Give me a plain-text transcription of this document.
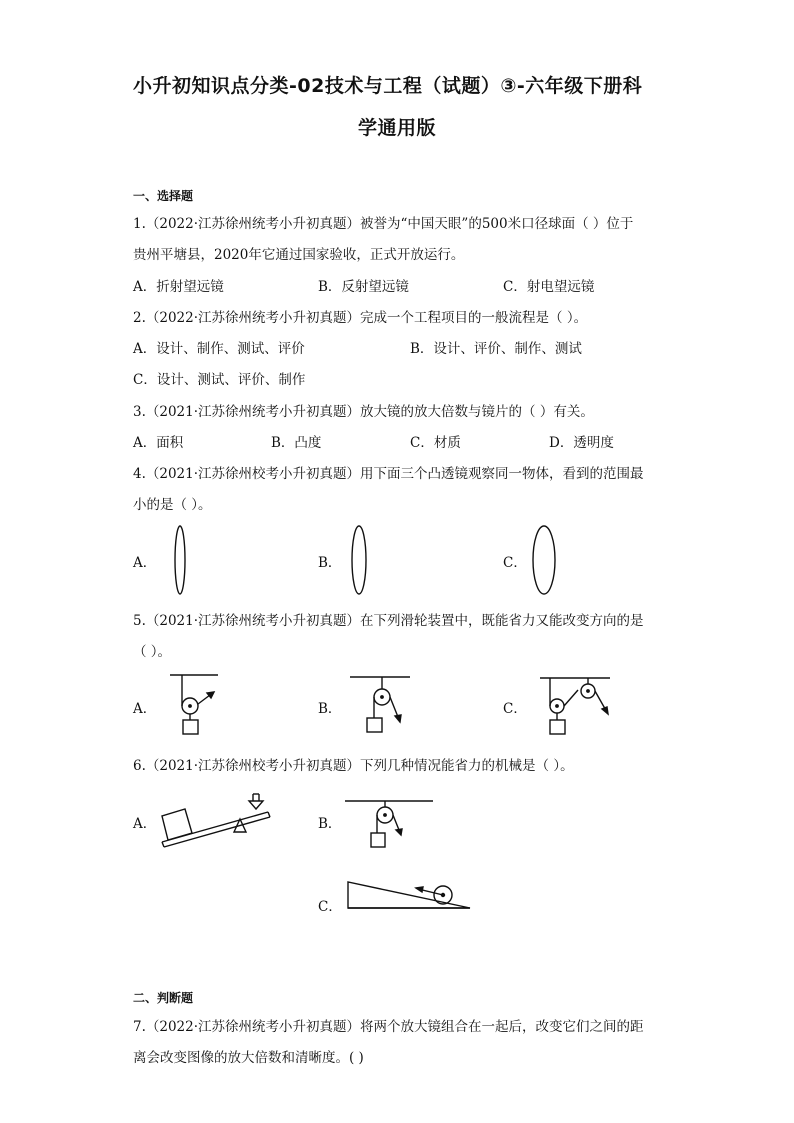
小升初知识点分类-02技术与工程（试题）③-六年级下册科
学通用版
一、选择题
1.（2022·江苏徐州统考小升初真题）被誉为“中国天眼”的500米口径球面（ ）位于
贵州平塘县，2020年它通过国家验收，正式开放运行。
A．折射望远镜	B．反射望远镜	C．射电望远镜
2.（2022·江苏徐州统考小升初真题）完成一个工程项目的一般流程是（ ）。
A．设计、制作、测试、评价	B．设计、评价、制作、测试
C．设计、测试、评价、制作
3.（2021·江苏徐州统考小升初真题）放大镜的放大倍数与镜片的（ ）有关。
A．面积	B．凸度	C．材质	D．透明度
4.（2021·江苏徐州校考小升初真题）用下面三个凸透镜观察同一物体，看到的范围最
小的是（ ）。
A．	B．	C．
5.（2021·江苏徐州统考小升初真题）在下列滑轮装置中，既能省力又能改变方向的是
（ ）。
A．	B．	C．
6.（2021·江苏徐州校考小升初真题）下列几种情况能省力的机械是（ ）。
A．	B．
C．
二、判断题
7.（2022·江苏徐州统考小升初真题）将两个放大镜组合在一起后，改变它们之间的距
离会改变图像的放大倍数和清晰度。( )
